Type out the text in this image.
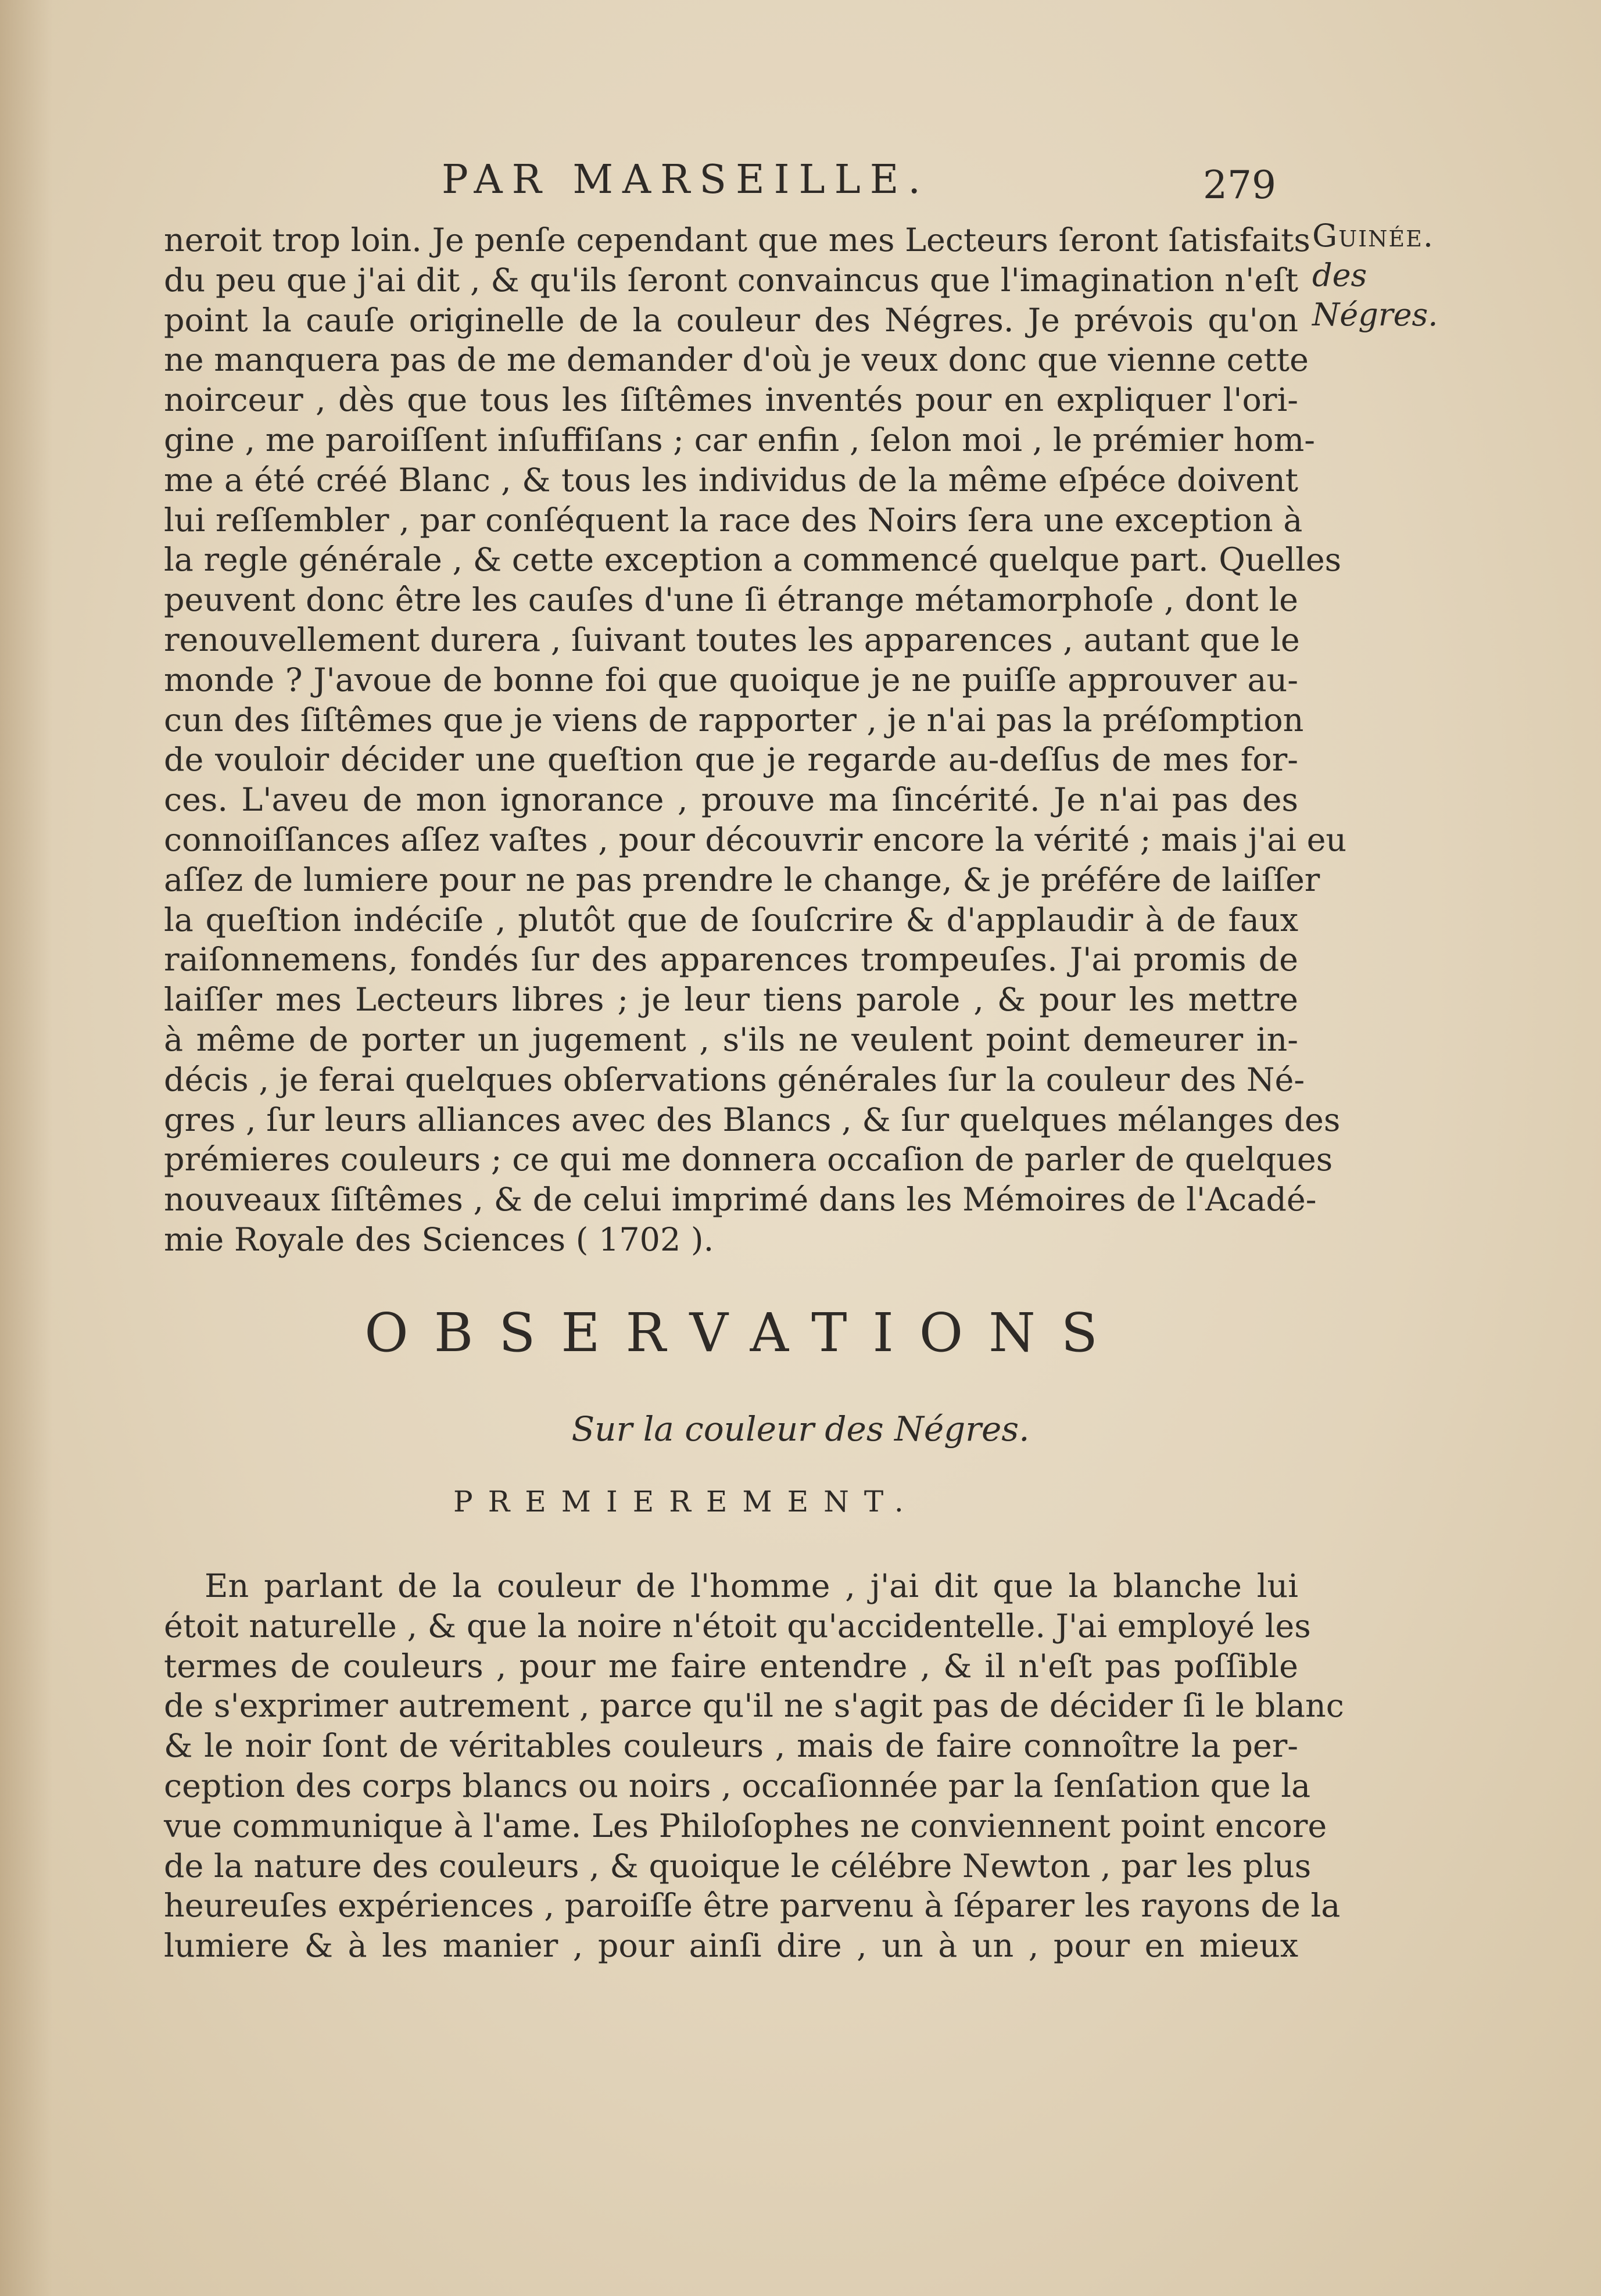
PAR MARSEILLE.	279
Guinée.
des Négres.
neroit trop loin. Je penſe cependant que mes Lecteurs ſeront ſatisfaits
du peu que j'ai dit , & qu'ils ſeront convaincus que l'imagination n'eſt
point la cauſe originelle de la couleur des Négres. Je prévois qu'on
ne manquera pas de me demander d'où je veux donc que vienne cette
noirceur , dès que tous les ſiſtêmes inventés pour en expliquer l'ori-
gine , me paroiſſent inſuffiſans ; car enfin , ſelon moi , le prémier hom-
me a été créé Blanc , & tous les individus de la même eſpéce doivent
lui reſſembler , par conſéquent la race des Noirs ſera une exception à
la regle générale , & cette exception a commencé quelque part. Quelles
peuvent donc être les cauſes d'une ſi étrange métamorphoſe , dont le
renouvellement durera , ſuivant toutes les apparences , autant que le
monde ? J'avoue de bonne foi que quoique je ne puiſſe approuver au-
cun des ſiſtêmes que je viens de rapporter , je n'ai pas la préſomption
de vouloir décider une queſtion que je regarde au-deſſus de mes for-
ces. L'aveu de mon ignorance , prouve ma ſincérité. Je n'ai pas des
connoiſſances aſſez vaſtes , pour découvrir encore la vérité ; mais j'ai eu
aſſez de lumiere pour ne pas prendre le change, & je préfére de laiſſer
la queſtion indéciſe , plutôt que de ſouſcrire & d'applaudir à de faux
raiſonnemens, fondés ſur des apparences trompeuſes. J'ai promis de
laiſſer mes Lecteurs libres ; je leur tiens parole , & pour les mettre
à même de porter un jugement , s'ils ne veulent point demeurer in-
décis , je ferai quelques obſervations générales ſur la couleur des Né-
gres , ſur leurs alliances avec des Blancs , & ſur quelques mélanges des
prémieres couleurs ; ce qui me donnera occaſion de parler de quelques
nouveaux ſiſtêmes , & de celui imprimé dans les Mémoires de l'Acadé-
mie Royale des Sciences ( 1702 ).
OBSERVATIONS
Sur la couleur des Négres.
PREMIEREMENT.
En parlant de la couleur de l'homme , j'ai dit que la blanche lui
étoit naturelle , & que la noire n'étoit qu'accidentelle. J'ai employé les
termes de couleurs , pour me faire entendre , & il n'eſt pas poſſible
de s'exprimer autrement , parce qu'il ne s'agit pas de décider ſi le blanc
& le noir ſont de véritables couleurs , mais de faire connoître la per-
ception des corps blancs ou noirs , occaſionnée par la ſenſation que la
vue communique à l'ame. Les Philoſophes ne conviennent point encore
de la nature des couleurs , & quoique le célébre Newton , par les plus
heureuſes expériences , paroiſſe être parvenu à ſéparer les rayons de la
lumiere & à les manier , pour ainſi dire , un à un , pour en mieux
